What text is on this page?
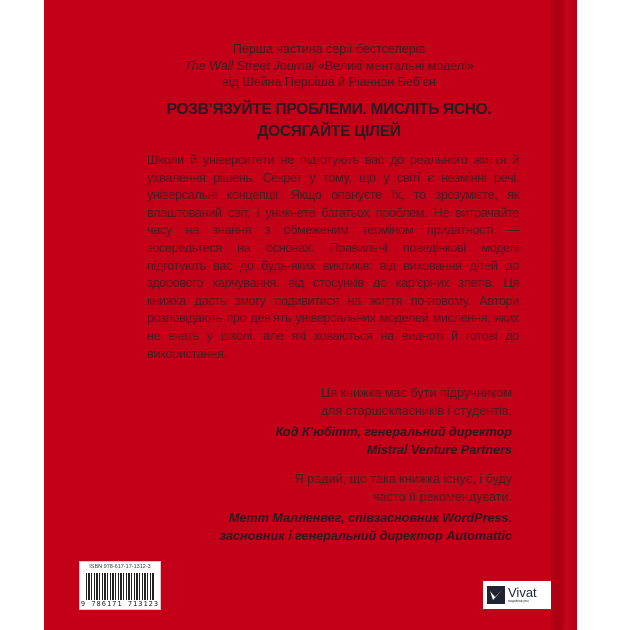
Перша частина серії бестселерів
The Wall Street Journal «Великі ментальні моделі»
від Шейна Перріша й Ріаннон Беб’єн
РОЗВ’ЯЗУЙТЕ ПРОБЛЕМИ. МИСЛІТЬ ЯСНО.
ДОСЯГАЙТЕ ЦІЛЕЙ
Школи й університети не підготують вас до реального життя й ухвалення рішень. Секрет у тому, що у світі є незмінні речі, універсальні концепції. Якщо опануєте їх, то зрозумієте, як влаштований світ, і уникнете багатьох проблем. Не витрачайте часу на знання з обмеженим терміном придатності — зосередьтеся на основах. Правильні поведінкові моделі підготують вас до будь-яких викликів: від виховання дітей до здорового харчування, від стосунків до кар’єрних злетів. Ця книжка дасть змогу подивитися на життя по-новому. Автори розповідають про дев’ять універсальних моделей мислення, яких не вчать у школі, але які ховаються на видноті й готові до використання.
Ця книжка має бути підручником
для старшокласників і студентів.
Код К’юбітт, генеральний директор
Mistral Venture Partners
Я радий, що така книжка існує, і буду
часто її рекомендувати.
Метт Малленвег, співзасновник WordPress,
засновник і генеральний директор Automattic
ISBN 978-617-17-1312-3
9 786171 713123
Vivat
видавництво
